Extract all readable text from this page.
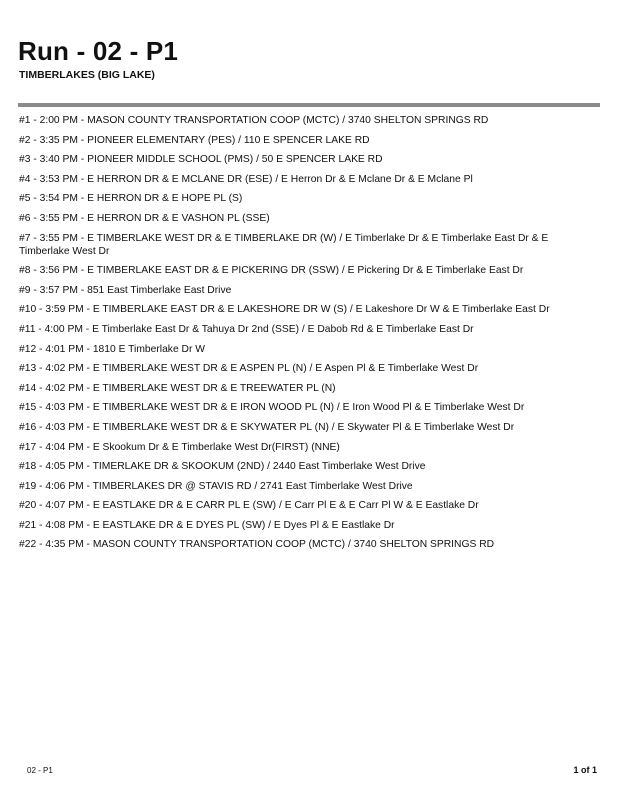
Run - 02 - P1
TIMBERLAKES (BIG LAKE)
#1 - 2:00 PM - MASON COUNTY TRANSPORTATION COOP (MCTC) / 3740 SHELTON SPRINGS RD
#2 - 3:35 PM - PIONEER ELEMENTARY (PES) / 110 E SPENCER LAKE RD
#3 - 3:40 PM - PIONEER MIDDLE SCHOOL (PMS) / 50 E SPENCER LAKE RD
#4 - 3:53 PM - E HERRON DR & E MCLANE DR (ESE) / E Herron Dr & E Mclane Dr & E Mclane Pl
#5 - 3:54 PM - E HERRON DR & E HOPE PL (S)
#6 - 3:55 PM - E HERRON DR & E VASHON PL (SSE)
#7 - 3:55 PM - E TIMBERLAKE WEST DR & E TIMBERLAKE DR (W) / E Timberlake Dr & E Timberlake East Dr & E Timberlake West Dr
#8 - 3:56 PM - E TIMBERLAKE EAST DR & E PICKERING DR (SSW) / E Pickering Dr & E Timberlake East Dr
#9 - 3:57 PM - 851 East Timberlake East Drive
#10 - 3:59 PM - E TIMBERLAKE EAST DR & E LAKESHORE DR W (S) / E Lakeshore Dr W & E Timberlake East Dr
#11 - 4:00 PM - E Timberlake East Dr & Tahuya Dr 2nd (SSE) / E Dabob Rd & E Timberlake East Dr
#12 - 4:01 PM - 1810 E Timberlake Dr W
#13 - 4:02 PM - E TIMBERLAKE WEST DR & E ASPEN PL (N) / E Aspen Pl & E Timberlake West Dr
#14 - 4:02 PM - E TIMBERLAKE WEST DR & E TREEWATER PL (N)
#15 - 4:03 PM - E TIMBERLAKE WEST DR & E IRON WOOD PL (N) / E Iron Wood Pl & E Timberlake West Dr
#16 - 4:03 PM - E TIMBERLAKE WEST DR & E SKYWATER PL (N) / E Skywater Pl & E Timberlake West Dr
#17 - 4:04 PM - E Skookum Dr & E Timberlake West Dr(FIRST) (NNE)
#18 - 4:05 PM - TIMERLAKE DR & SKOOKUM (2ND) / 2440 East Timberlake West Drive
#19 - 4:06 PM - TIMBERLAKES DR @ STAVIS RD / 2741 East Timberlake West Drive
#20 - 4:07 PM - E EASTLAKE DR & E CARR PL E (SW) / E Carr Pl E & E Carr Pl W & E Eastlake Dr
#21 - 4:08 PM - E EASTLAKE DR & E DYES PL (SW) / E Dyes Pl & E Eastlake Dr
#22 - 4:35 PM - MASON COUNTY TRANSPORTATION COOP (MCTC) / 3740 SHELTON SPRINGS RD
02 - P1	1 of 1
